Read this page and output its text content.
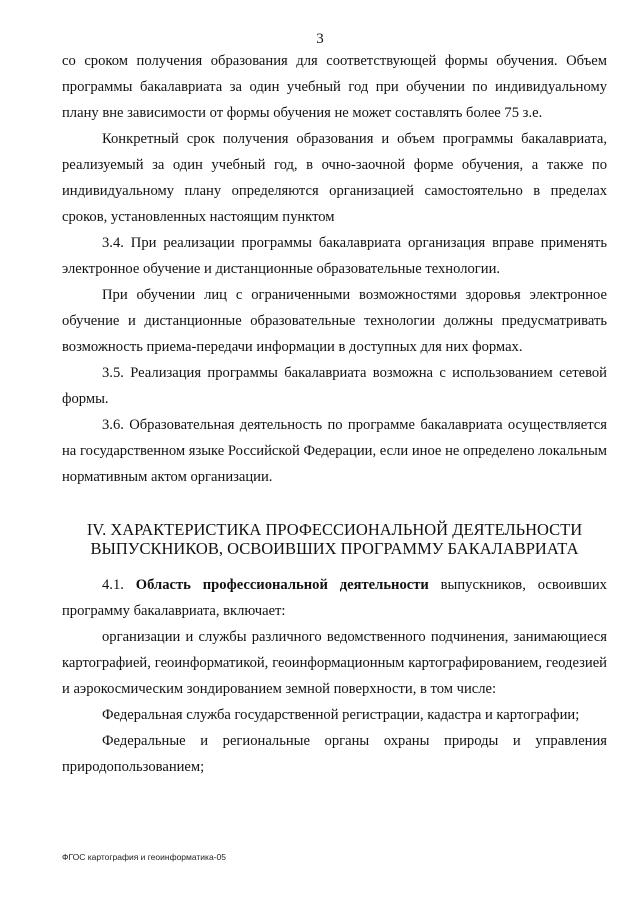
3

со сроком получения образования для соответствующей формы обучения. Объем программы бакалавриата за один учебный год при обучении по индивидуальному плану вне зависимости от формы обучения не может составлять более 75 з.е.

Конкретный срок получения образования и объем программы бакалавриата, реализуемый за один учебный год, в очно-заочной форме обучения, а также по индивидуальному плану определяются организацией самостоятельно в пределах сроков, установленных настоящим пунктом

3.4. При реализации программы бакалавриата организация вправе применять электронное обучение и дистанционные образовательные технологии.

При обучении лиц с ограниченными возможностями здоровья электронное обучение и дистанционные образовательные технологии должны предусматривать возможность приема-передачи информации в доступных для них формах.

3.5. Реализация программы бакалавриата возможна с использованием сетевой формы.

3.6. Образовательная деятельность по программе бакалавриата осуществляется на государственном языке Российской Федерации, если иное не определено локальным нормативным актом организации.

IV. ХАРАКТЕРИСТИКА ПРОФЕССИОНАЛЬНОЙ ДЕЯТЕЛЬНОСТИ
ВЫПУСКНИКОВ, ОСВОИВШИХ ПРОГРАММУ БАКАЛАВРИАТА

4.1. Область профессиональной деятельности выпускников, освоивших программу бакалавриата, включает:

организации и службы различного ведомственного подчинения, занимающиеся картографией, геоинформатикой, геоинформационным картографированием, геодезией и аэрокосмическим зондированием земной поверхности, в том числе:

Федеральная служба государственной регистрации, кадастра и картографии;

Федеральные и региональные органы охраны природы и управления природопользованием;

ФГОС картография и геоинформатика-05
